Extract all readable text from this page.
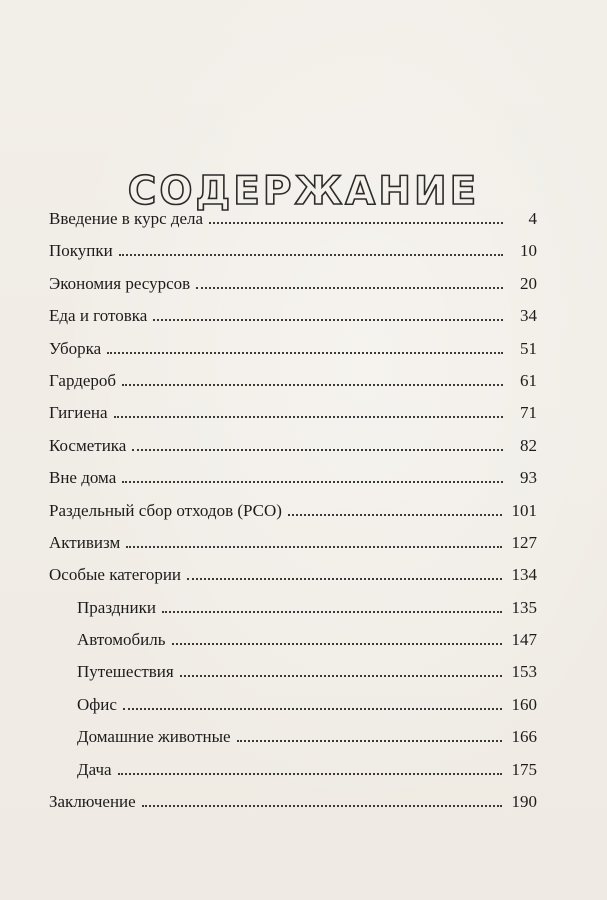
СОДЕРЖАНИЕ
Введение в курс дела	4
Покупки	10
Экономия ресурсов	20
Еда и готовка	34
Уборка	51
Гардероб	61
Гигиена	71
Косметика	82
Вне дома	93
Раздельный сбор отходов (РСО)	101
Активизм	127
Особые категории	134
Праздники	135
Автомобиль	147
Путешествия	153
Офис	160
Домашние животные	166
Дача	175
Заключение	190
